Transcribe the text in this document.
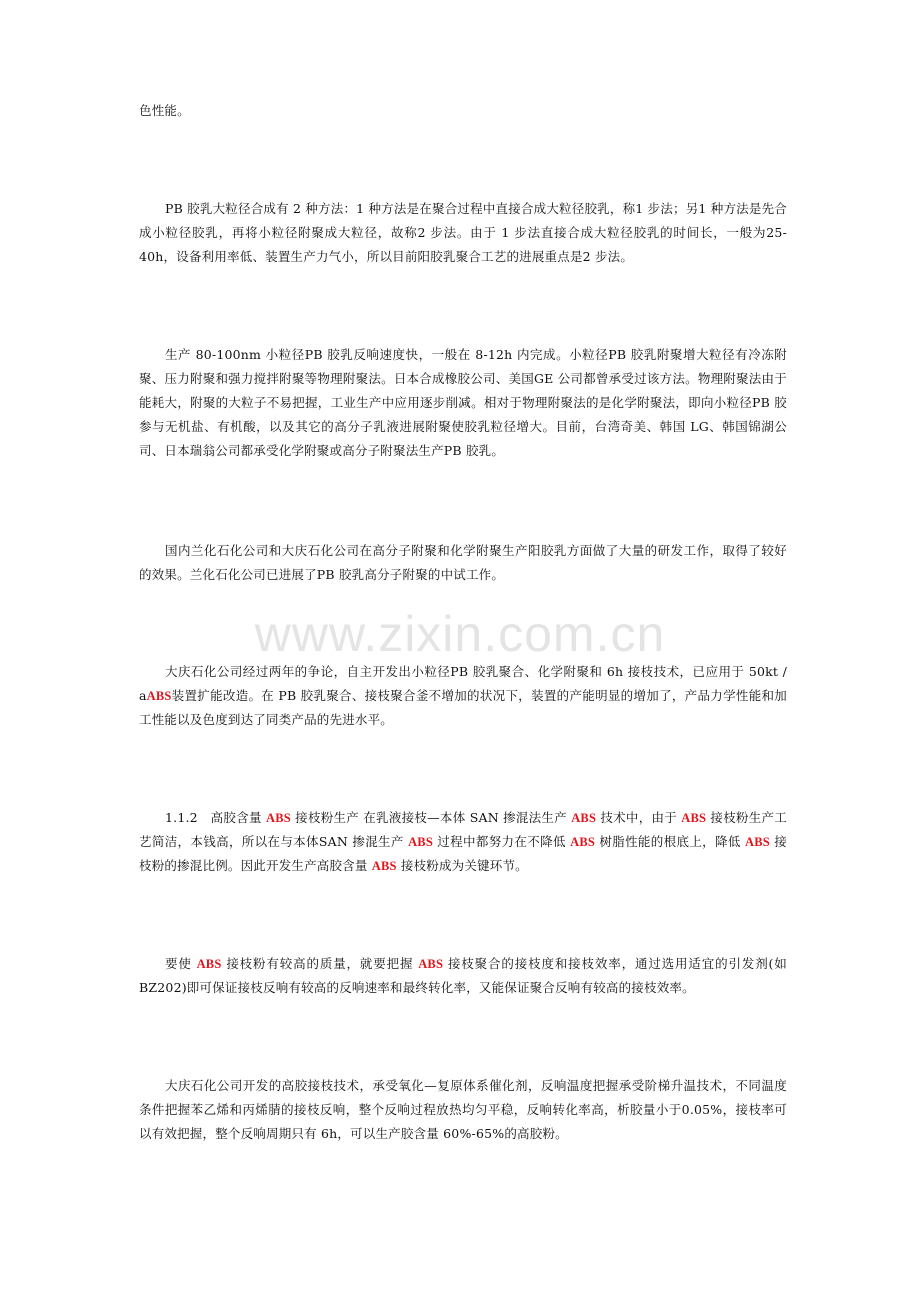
www.zixin.com.cn

色性能。

PB 胶乳大粒径合成有 2 种方法：1 种方法是在聚合过程中直接合成大粒径胶乳，称1 步法；另1 种方法是先合成小粒径胶乳，再将小粒径附聚成大粒径，故称2 步法。由于 1 步法直接合成大粒径胶乳的时间长，一般为25-40h，设备利用率低、装置生产力气小，所以目前阳胶乳聚合工艺的进展重点是2 步法。

生产 80-100nm 小粒径PB 胶乳反响速度快，一般在 8-12h 内完成。小粒径PB 胶乳附聚增大粒径有冷冻附聚、压力附聚和强力搅拌附聚等物理附聚法。日本合成橡胶公司、美国GE 公司都曾承受过该方法。物理附聚法由于能耗大，附聚的大粒子不易把握，工业生产中应用逐步削减。相对于物理附聚法的是化学附聚法，即向小粒径PB 胶参与无机盐、有机酸，以及其它的高分子乳液进展附聚使胶乳粒径增大。目前，台湾奇美、韩国 LG、韩国锦湖公司、日本瑞翁公司都承受化学附聚或高分子附聚法生产PB 胶乳。

国内兰化石化公司和大庆石化公司在高分子附聚和化学附聚生产阳胶乳方面做了大量的研发工作，取得了较好的效果。兰化石化公司已进展了PB 胶乳高分子附聚的中试工作。

大庆石化公司经过两年的争论，自主开发出小粒径PB 胶乳聚合、化学附聚和 6h 接枝技术，已应用于 50kt / aABS装置扩能改造。在 PB 胶乳聚合、接枝聚合釜不增加的状况下，装置的产能明显的增加了，产品力学性能和加工性能以及色度到达了同类产品的先进水平。

1.1.2　高胶含量 ABS 接枝粉生产 在乳液接枝—本体 SAN 掺混法生产 ABS 技术中，由于 ABS 接枝粉生产工艺简洁，本钱高，所以在与本体SAN 掺混生产 ABS 过程中都努力在不降低 ABS 树脂性能的根底上，降低 ABS 接枝粉的掺混比例。因此开发生产高胶含量 ABS 接枝粉成为关键环节。

要使 ABS 接枝粉有较高的质量，就要把握 ABS 接枝聚合的接枝度和接枝效率，通过选用适宜的引发剂(如 BZ202)即可保证接枝反响有较高的反响速率和最终转化率，又能保证聚合反响有较高的接枝效率。

大庆石化公司开发的高胶接枝技术，承受氧化—复原体系催化剂，反响温度把握承受阶梯升温技术，不同温度条件把握苯乙烯和丙烯腈的接枝反响，整个反响过程放热均匀平稳，反响转化率高，析胶量小于0.05%，接枝率可以有效把握，整个反响周期只有 6h，可以生产胶含量 60%-65%的高胶粉。
